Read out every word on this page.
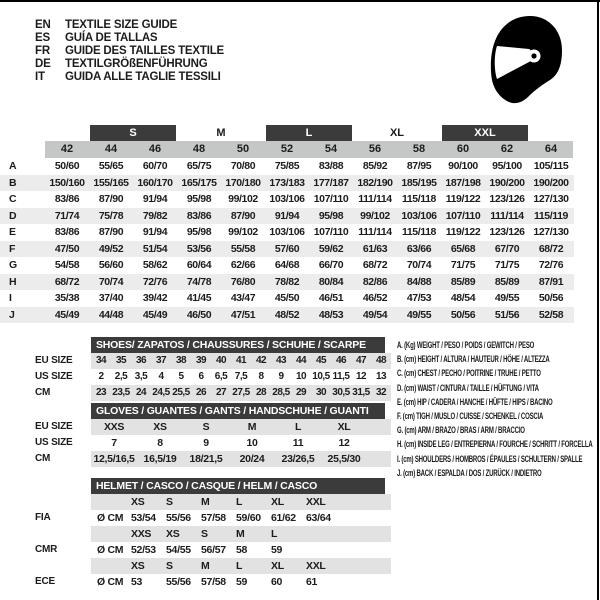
EN	TEXTILE SIZE GUIDE
ES	GUÍA DE TALLAS
FR	GUIDE DES TAILLES TEXTILE
DE	TEXTILGRÖßENFÜHRUNG
IT	GUIDA ALLE TAGLIE TESSILI
S	M	L	XL	XXL
42	44	46	48	50	52	54	56	58	60	62	64
A	50/60	55/65	60/70	65/75	70/80	75/85	83/88	85/92	87/95	90/100	95/100	105/115
B	150/160 155/165 160/170 165/175 170/180 173/183 177/187 182/190 185/195 187/198 190/200 190/200
C	83/86	87/90	91/94	95/98	99/102	103/106 107/110 111/114 115/118 119/122 123/126 127/130
D	71/74	75/78	79/82	83/86	87/90	91/94	95/98	99/102	103/106 107/110 111/114 115/119
E	83/86	87/90	91/94	95/98	99/102	103/106 107/110 111/114 115/118 119/122 123/126 127/130
F	47/50	49/52	51/54	53/56	55/58	57/60	59/62	61/63	63/66	65/68	67/70	68/72
G	54/58	56/60	58/62	60/64	62/66	64/68	66/70	68/72	70/74	71/75	71/75	72/76
H	68/72	70/74	72/76	74/78	76/80	78/82	80/84	82/86	84/88	85/89	85/89	87/91
I	35/38	37/40	39/42	41/45	43/47	45/50	46/51	46/52	47/53	48/54	49/55	50/56
J	45/49	44/48	45/49	46/50	47/51	48/52	48/53	49/54	49/55	50/56	51/56	52/58
SHOES/ ZAPATOS / CHAUSSURES / SCHUHE / SCARPE
EU SIZE	34 35 36 37 38 39 40 41 42 43 44 45 46 47 48
US SIZE	2	2,5 3,5	4	5	6	6,5 7,5	8	9	10 10,5 11,5 12 13
CM	23 23,5 24 24,5 25,5 26 27 27,5 28 28,5 29 30 30,5 31,5 32
GLOVES / GUANTES / GANTS / HANDSCHUHE / GUANTI
EU SIZE	XXS	XS	S	M	L	XL
US SIZE	7	8	9	10	11	12
CM	12,5/16,5 16,5/19	18/21,5	20/24	23/26,5	25,5/30
HELMET / CASCO / CASQUE / HELM / CASCO
XS	S	M	L	XL	XXL
FIA	Ø CM 53/54 55/56 57/58 59/60 61/62 63/64
XXS	XS	S	M	L
CMR	Ø CM 52/53 54/55 56/57 58	59
XS	S	M	L	XL	XXL
ECE	Ø CM 53	55/56 57/58 59	60	61
A. (Kg) WEIGHT / PESO / POIDS / GEWITCH / PESO
B. (cm) HEIGHT / ALTURA / HAUTEUR / HÖHE / ALTEZZA
C. (cm) CHEST / PECHO / POITRINE / TRUHE / PETTO
D. (cm) WAIST / CINTURA / TAILLE / HÜFTUNG / VITA
E. (cm) HIP / CADERA / HANCHE / HÜFTE / HIPS / BACINO
F. (cm) TIGH / MUSLO / CUISSE / SCHENKEL / COSCIA
G. (cm) ARM / BRAZO / BRAS / ARM / BRACCIO
H. (cm) INSIDE LEG / ENTREPIERNA / FOURCHE / SCHRITT / FORCELLA
I. (cm) SHOULDERS / HOMBROS / ÉPAULES / SCHULTERN / SPALLE
J. (cm) BACK / ESPALDA / DOS / ZURÜCK / INDIETRO
